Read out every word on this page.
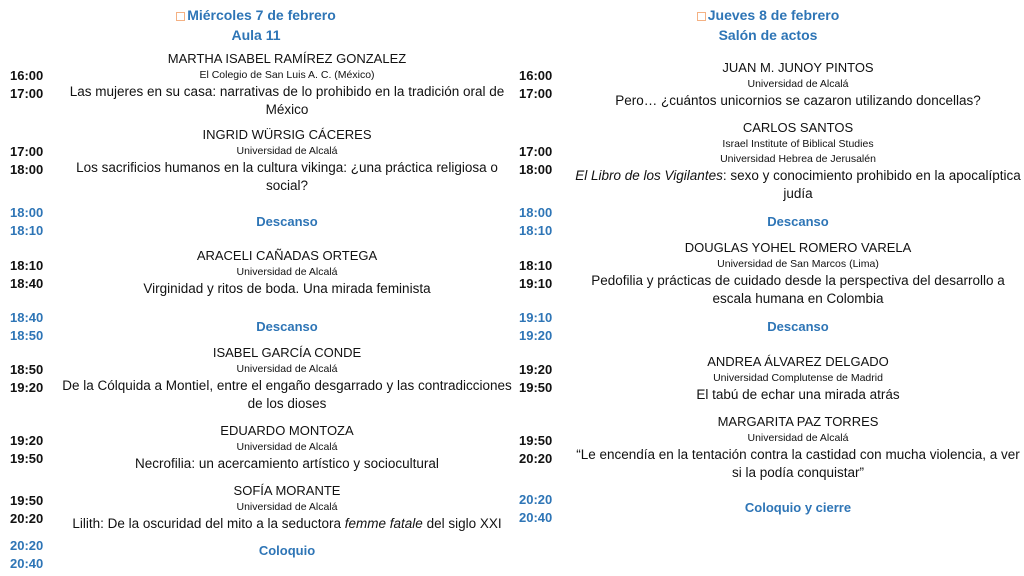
Miércoles 7 de febrero
Aula 11
16:00
17:00
MARTHA ISABEL RAMÍREZ GONZALEZ
El Colegio de San Luis A. C. (México)
Las mujeres en su casa: narrativas de lo prohibido en la tradición oral de México
17:00
18:00
INGRID WÜRSIG CÁCERES
Universidad de Alcalá
Los sacrificios humanos en la cultura vikinga: ¿una práctica religiosa o social?
18:00
18:10
Descanso
18:10
18:40
ARACELI CAÑADAS ORTEGA
Universidad de Alcalá
Virginidad y ritos de boda. Una mirada feminista
18:40
18:50
Descanso
18:50
19:20
ISABEL GARCÍA CONDE
Universidad de Alcalá
De la Cólquida a Montiel, entre el engaño desgarrado y las contradicciones de los dioses
19:20
19:50
EDUARDO MONTOZA
Universidad de Alcalá
Necrofilia: un acercamiento artístico y sociocultural
19:50
20:20
SOFÍA MORANTE
Universidad de Alcalá
Lilith: De la oscuridad del mito a la seductora femme fatale del siglo XXI
20:20
20:40
Coloquio
Jueves 8 de febrero
Salón de actos
16:00
17:00
JUAN M. JUNOY PINTOS
Universidad de Alcalá
Pero… ¿cuántos unicornios se cazaron utilizando doncellas?
17:00
18:00
CARLOS SANTOS
Israel Institute of Biblical Studies
Universidad Hebrea de Jerusalén
El Libro de los Vigilantes: sexo y conocimiento prohibido en la apocalíptica judía
18:00
18:10
Descanso
18:10
19:10
DOUGLAS YOHEL ROMERO VARELA
Universidad de San Marcos (Lima)
Pedofilia y prácticas de cuidado desde la perspectiva del desarrollo a escala humana en Colombia
19:10
19:20
Descanso
19:20
19:50
ANDREA ÁLVAREZ DELGADO
Universidad Complutense de Madrid
El tabú de echar una mirada atrás
19:50
20:20
MARGARITA PAZ TORRES
Universidad de Alcalá
“Le encendía en la tentación contra la castidad con mucha violencia, a ver si la podía conquistar”
20:20
20:40
Coloquio y cierre
